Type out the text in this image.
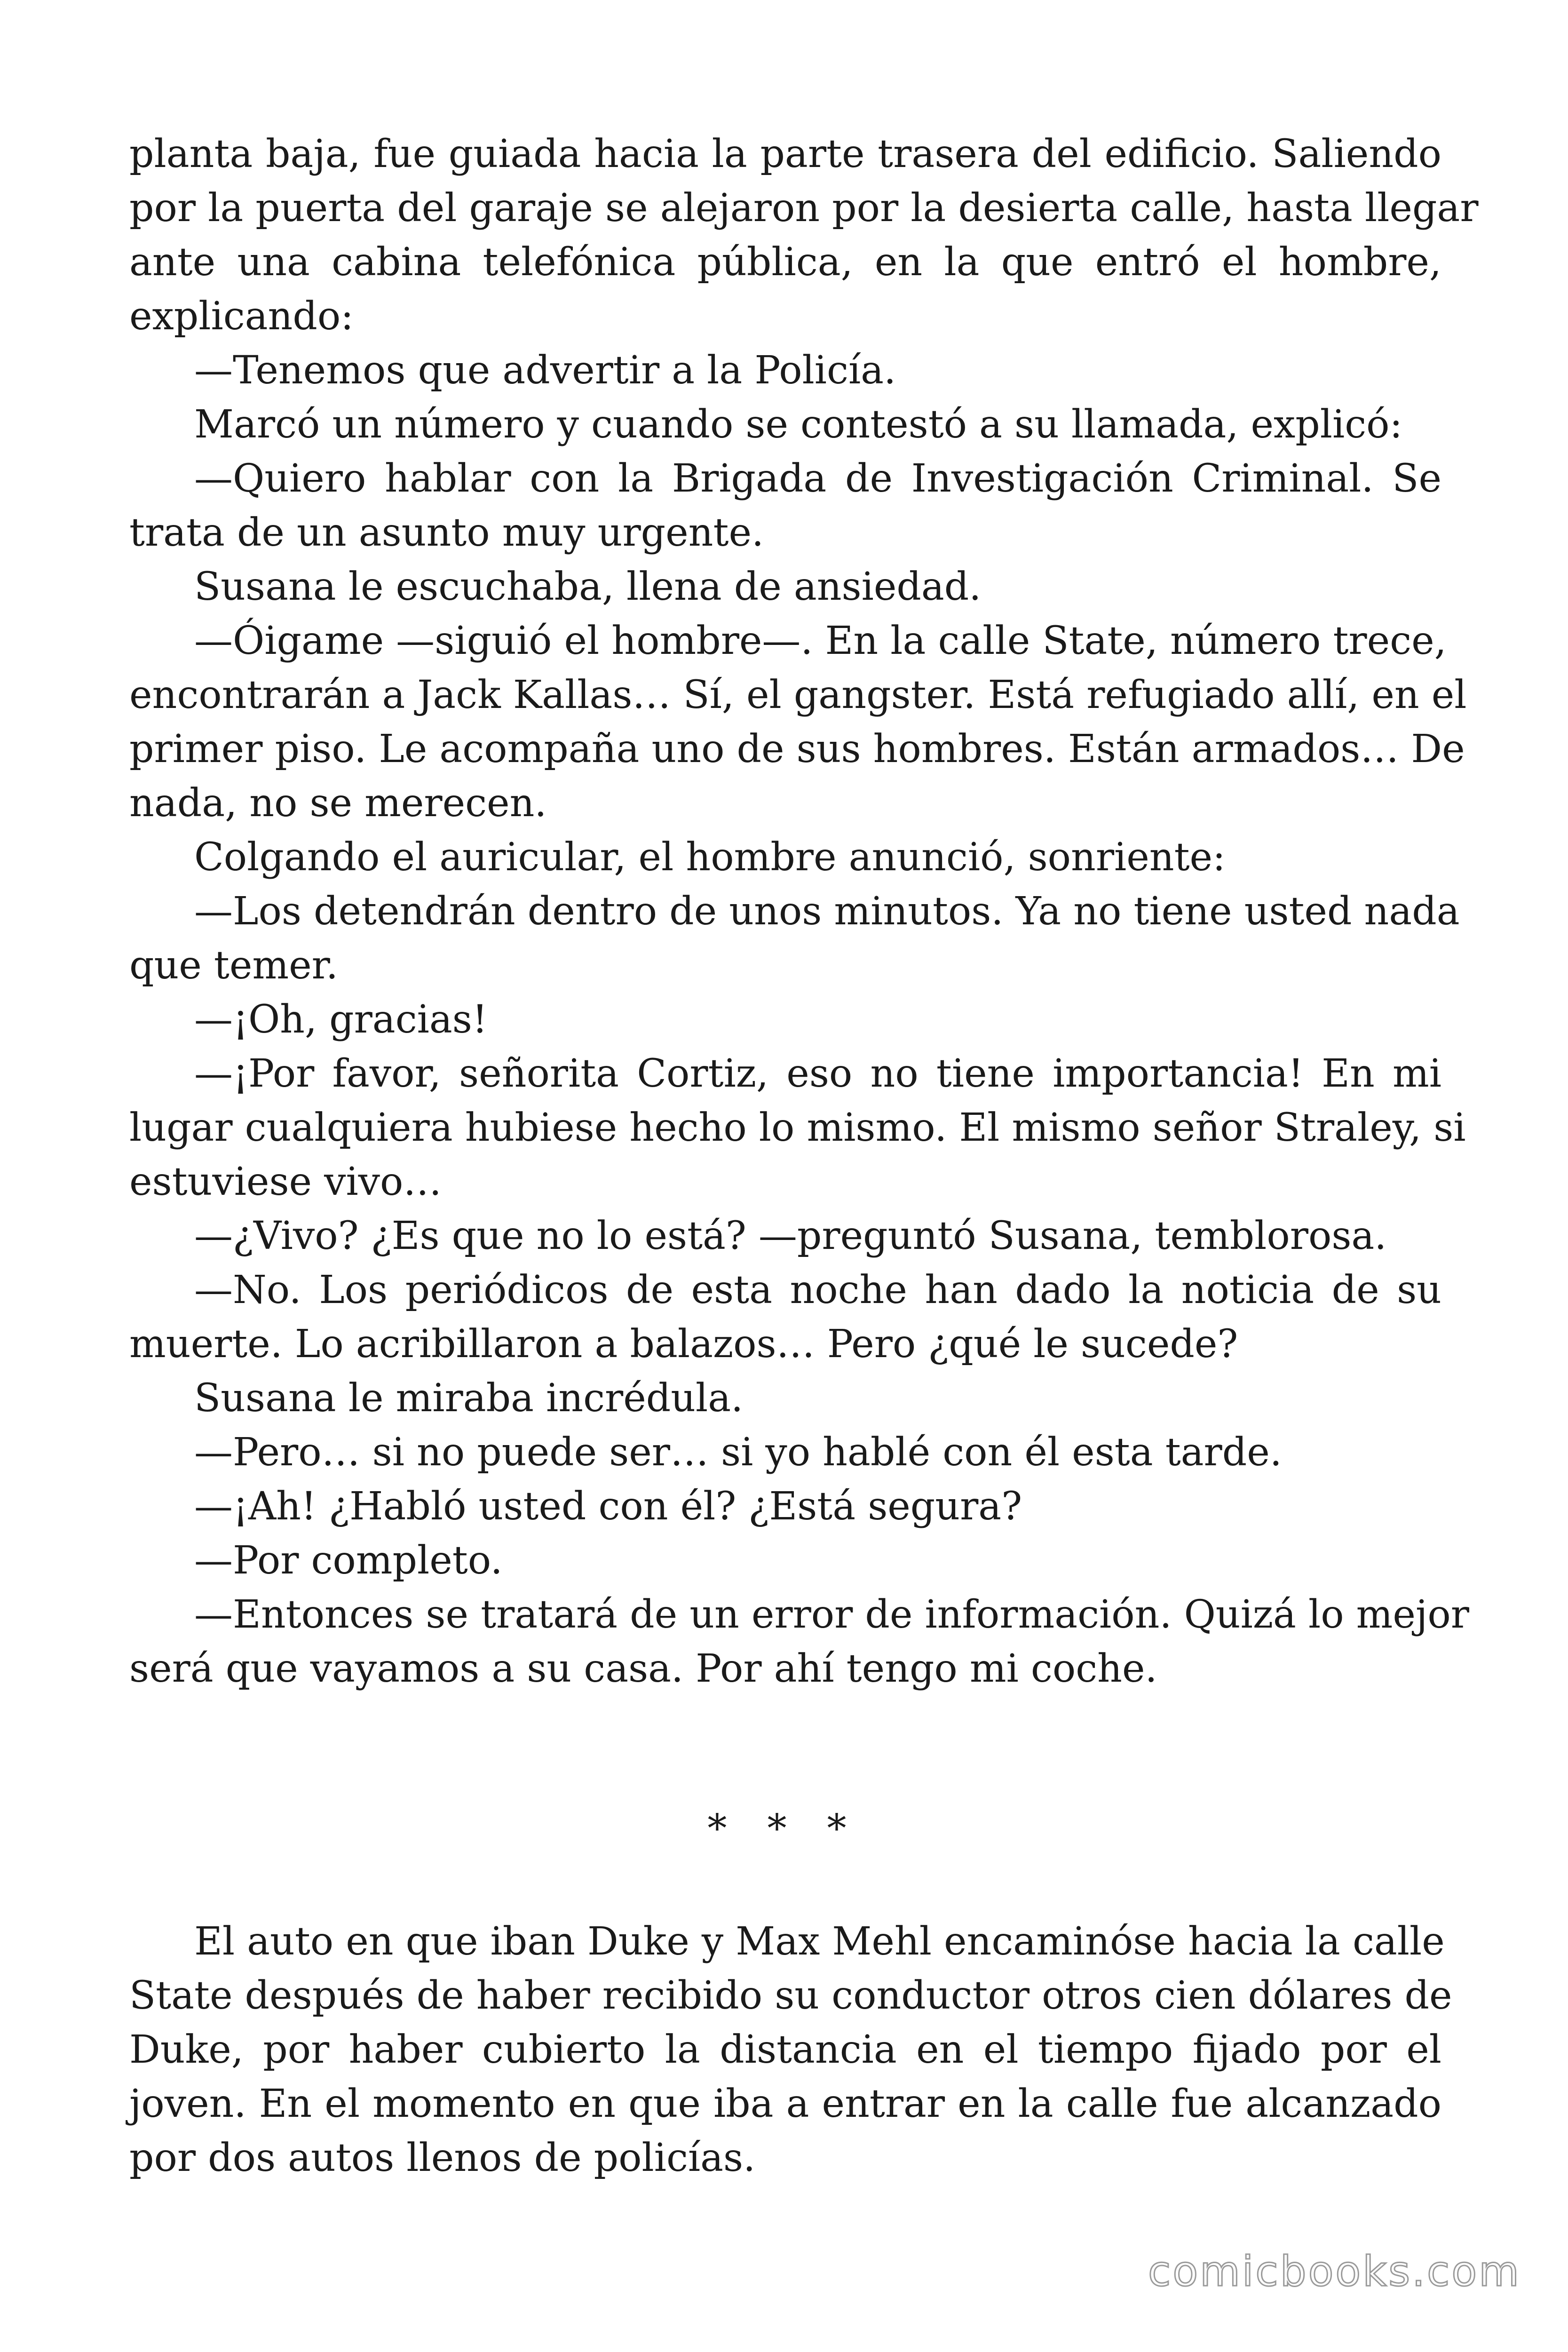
planta baja, fue guiada hacia la parte trasera del edificio. Saliendo
por la puerta del garaje se alejaron por la desierta calle, hasta llegar
ante una cabina telefónica pública, en la que entró el hombre,
explicando:
—Tenemos que advertir a la Policía.
Marcó un número y cuando se contestó a su llamada, explicó:
—Quiero hablar con la Brigada de Investigación Criminal. Se
trata de un asunto muy urgente.
Susana le escuchaba, llena de ansiedad.
—Óigame —siguió el hombre—. En la calle State, número trece,
encontrarán a Jack Kallas… Sí, el gangster. Está refugiado allí, en el
primer piso. Le acompaña uno de sus hombres. Están armados… De
nada, no se merecen.
Colgando el auricular, el hombre anunció, sonriente:
—Los detendrán dentro de unos minutos. Ya no tiene usted nada
que temer.
—¡Oh, gracias!
—¡Por favor, señorita Cortiz, eso no tiene importancia! En mi
lugar cualquiera hubiese hecho lo mismo. El mismo señor Straley, si
estuviese vivo…
—¿Vivo? ¿Es que no lo está? —preguntó Susana, temblorosa.
—No. Los periódicos de esta noche han dado la noticia de su
muerte. Lo acribillaron a balazos… Pero ¿qué le sucede?
Susana le miraba incrédula.
—Pero… si no puede ser… si yo hablé con él esta tarde.
—¡Ah! ¿Habló usted con él? ¿Está segura?
—Por completo.
—Entonces se tratará de un error de información. Quizá lo mejor
será que vayamos a su casa. Por ahí tengo mi coche.
* * *
El auto en que iban Duke y Max Mehl encaminóse hacia la calle
State después de haber recibido su conductor otros cien dólares de
Duke, por haber cubierto la distancia en el tiempo fijado por el
joven. En el momento en que iba a entrar en la calle fue alcanzado
por dos autos llenos de policías.
comicbooks.com
